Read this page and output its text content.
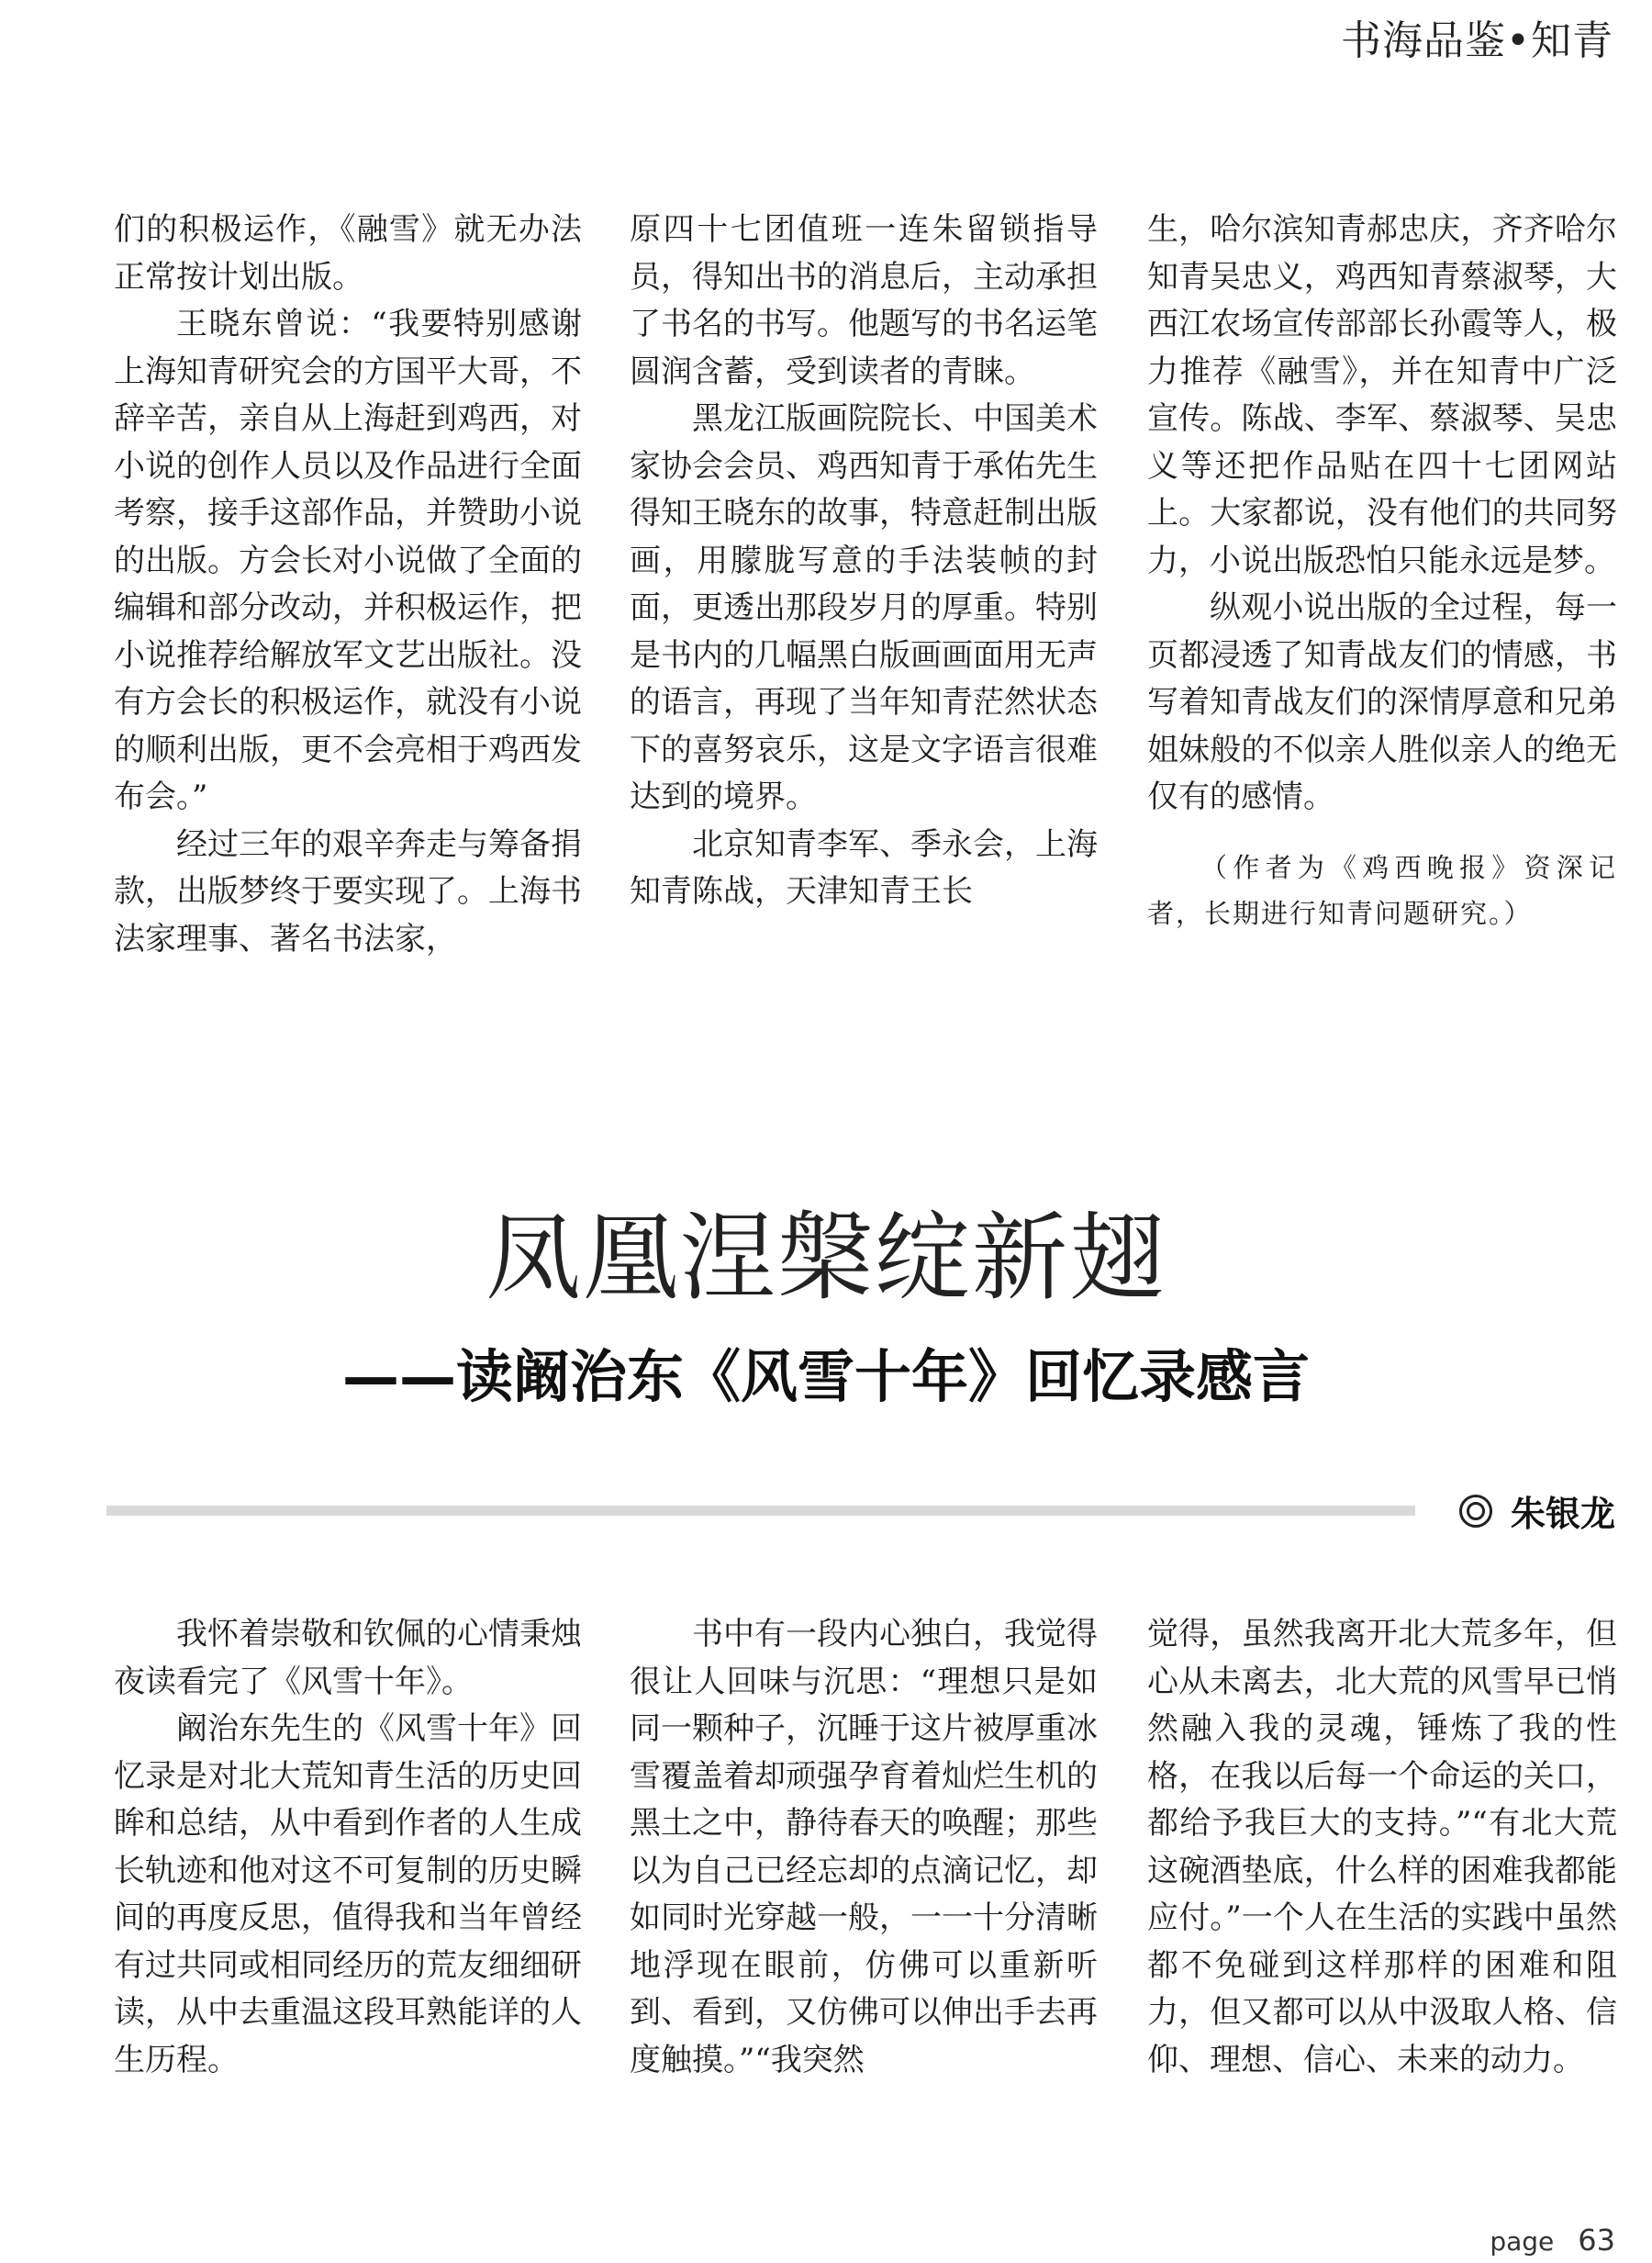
书海品鉴•知青

们的积极运作，《融雪》就无办法正常按计划出版。

王晓东曾说：“我要特别感谢上海知青研究会的方国平大哥，不辞辛苦，亲自从上海赶到鸡西，对小说的创作人员以及作品进行全面考察，接手这部作品，并赞助小说的出版。方会长对小说做了全面的编辑和部分改动，并积极运作，把小说推荐给解放军文艺出版社。没有方会长的积极运作，就没有小说的顺利出版，更不会亮相于鸡西发布会。”

经过三年的艰辛奔走与筹备捐款，出版梦终于要实现了。上海书法家理事、著名书法家，

原四十七团值班一连朱留锁指导员，得知出书的消息后，主动承担了书名的书写。他题写的书名运笔圆润含蓄，受到读者的青睐。

黑龙江版画院院长、中国美术家协会会员、鸡西知青于承佑先生得知王晓东的故事，特意赶制出版画，用朦胧写意的手法装帧的封面，更透出那段岁月的厚重。特别是书内的几幅黑白版画画面用无声的语言，再现了当年知青茫然状态下的喜努哀乐，这是文字语言很难达到的境界。

北京知青李军、季永会，上海知青陈战，天津知青王长

生，哈尔滨知青郝忠庆，齐齐哈尔知青吴忠义，鸡西知青蔡淑琴，大西江农场宣传部部长孙霞等人，极力推荐《融雪》，并在知青中广泛宣传。陈战、李军、蔡淑琴、吴忠义等还把作品贴在四十七团网站上。大家都说，没有他们的共同努力，小说出版恐怕只能永远是梦。

纵观小说出版的全过程，每一页都浸透了知青战友们的情感，书写着知青战友们的深情厚意和兄弟姐妹般的不似亲人胜似亲人的绝无仅有的感情。

（作者为《鸡西晚报》资深记者，长期进行知青问题研究。）

凤凰涅槃绽新翅
——读阚治东《风雪十年》回忆录感言
朱银龙

我怀着崇敬和钦佩的心情秉烛夜读看完了《风雪十年》。

阚治东先生的《风雪十年》回忆录是对北大荒知青生活的历史回眸和总结，从中看到作者的人生成长轨迹和他对这不可复制的历史瞬间的再度反思，值得我和当年曾经有过共同或相同经历的荒友细细研读，从中去重温这段耳熟能详的人生历程。

书中有一段内心独白，我觉得很让人回味与沉思：“理想只是如同一颗种子，沉睡于这片被厚重冰雪覆盖着却顽强孕育着灿烂生机的黑土之中，静待春天的唤醒；那些以为自己已经忘却的点滴记忆，却如同时光穿越一般，一一十分清晰地浮现在眼前，仿佛可以重新听到、看到，又仿佛可以伸出手去再度触摸。”“我突然

觉得，虽然我离开北大荒多年，但心从未离去，北大荒的风雪早已悄然融入我的灵魂，锤炼了我的性格，在我以后每一个命运的关口，都给予我巨大的支持。”“有北大荒这碗酒垫底，什么样的困难我都能应付。”一个人在生活的实践中虽然都不免碰到这样那样的困难和阻力，但又都可以从中汲取人格、信仰、理想、信心、未来的动力。

page 63
